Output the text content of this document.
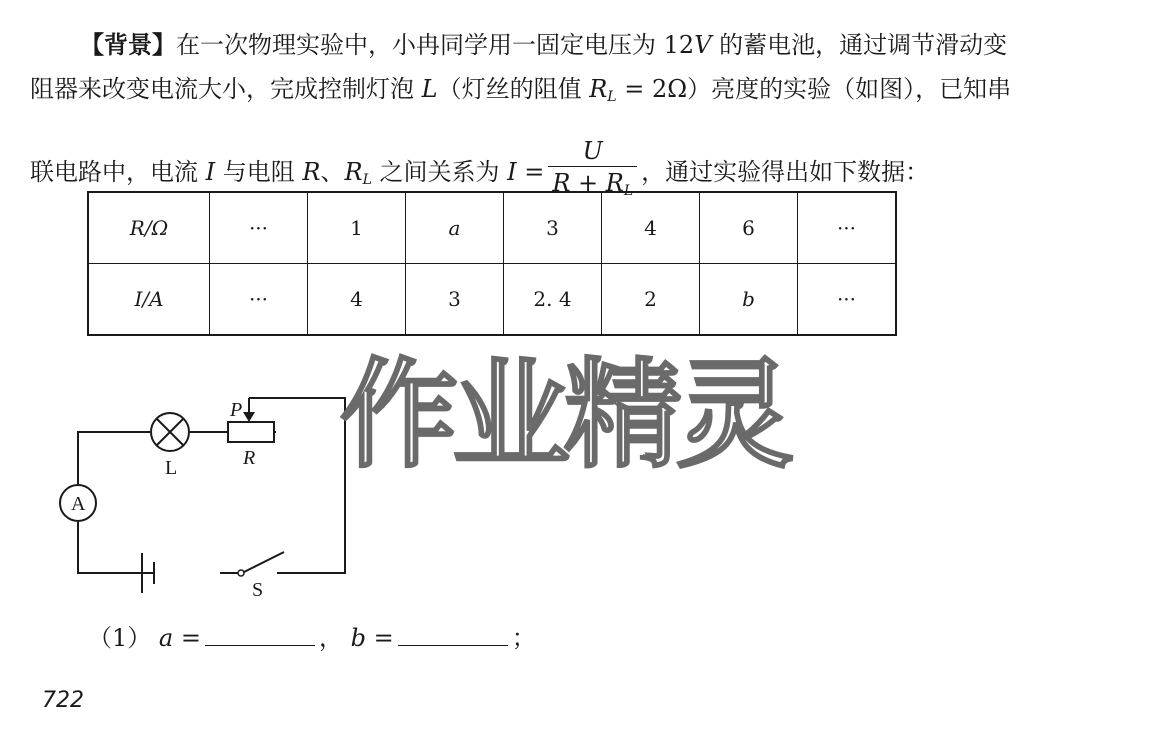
【背景】在一次物理实验中，小冉同学用一固定电压为 12V 的蓄电池，通过调节滑动变
阻器来改变电流大小，完成控制灯泡 L（灯丝的阻值 $R_L = 2\Omega$）亮度的实验（如图），已知串
联电路中，电流 I 与电阻 R、$R_L$ 之间关系为 $I = \frac{U}{R + R_L}$ ，通过实验得出如下数据：
R/Ω	···	1	a	3	4	6	···
I/A	···	4	3	2. 4	2	b	···
L
P
R
A
S
作业精灵
（1） a =	， b =	；
722
